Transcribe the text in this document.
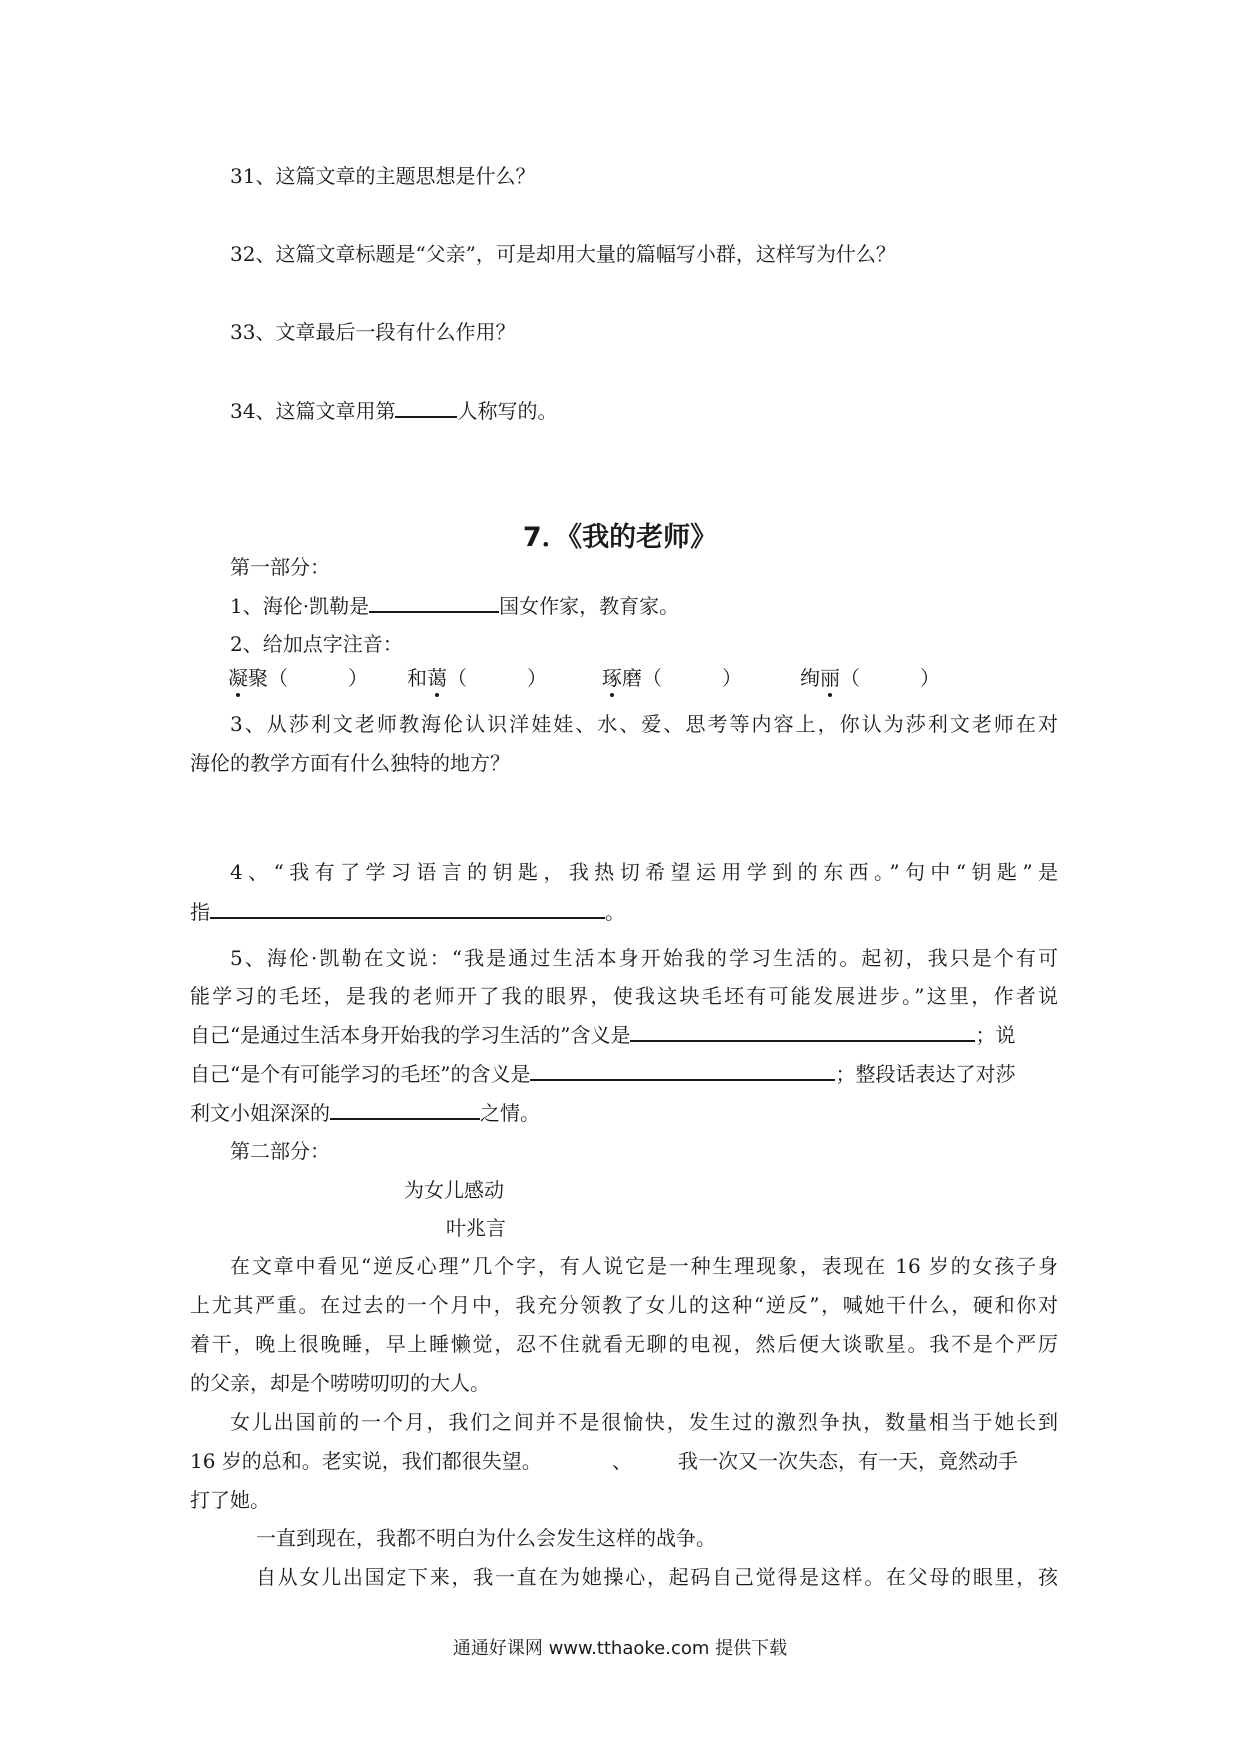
31、这篇文章的主题思想是什么？
32、这篇文章标题是“父亲”，可是却用大量的篇幅写小群，这样写为什么？
33、文章最后一段有什么作用？
34、这篇文章用第	人称写的。
7．《我的老师》
第一部分：
1、海伦·凯勒是	国女作家，教育家。
2、给加点字注音：
凝聚（　　　） 和蔼（　　　）	琢磨（　　　）	绚丽（　　　）
3、从莎利文老师教海伦认识洋娃娃、水、爱、思考等内容上，你认为莎利文老师在对
海伦的教学方面有什么独特的地方？
4、“我有了学习语言的钥匙，我热切希望运用学到的东西。”句中“钥匙”是
指	。
5、海伦·凯勒在文说：“我是通过生活本身开始我的学习生活的。起初，我只是个有可
能学习的毛坯，是我的老师开了我的眼界，使我这块毛坯有可能发展进步。”这里，作者说
自己“是通过生活本身开始我的学习生活的”含义是	；说
自己“是个有可能学习的毛坯”的含义是	；整段话表达了对莎
利文小姐深深的	之情。
第二部分：
为女儿感动
叶兆言
在文章中看见“逆反心理”几个字，有人说它是一种生理现象，表现在 16 岁的女孩子身
上尤其严重。在过去的一个月中，我充分领教了女儿的这种“逆反”，喊她干什么，硬和你对
着干，晚上很晚睡，早上睡懒觉，忍不住就看无聊的电视，然后便大谈歌星。我不是个严厉
的父亲，却是个唠唠叨叨的大人。
女儿出国前的一个月，我们之间并不是很愉快，发生过的激烈争执，数量相当于她长到
16 岁的总和。老实说，我们都很失望。	、 我一次又一次失态，有一天，竟然动手
打了她。
一直到现在，我都不明白为什么会发生这样的战争。
自从女儿出国定下来，我一直在为她操心，起码自己觉得是这样。在父母的眼里，孩
通通好课网 www.tthaoke.com 提供下载
